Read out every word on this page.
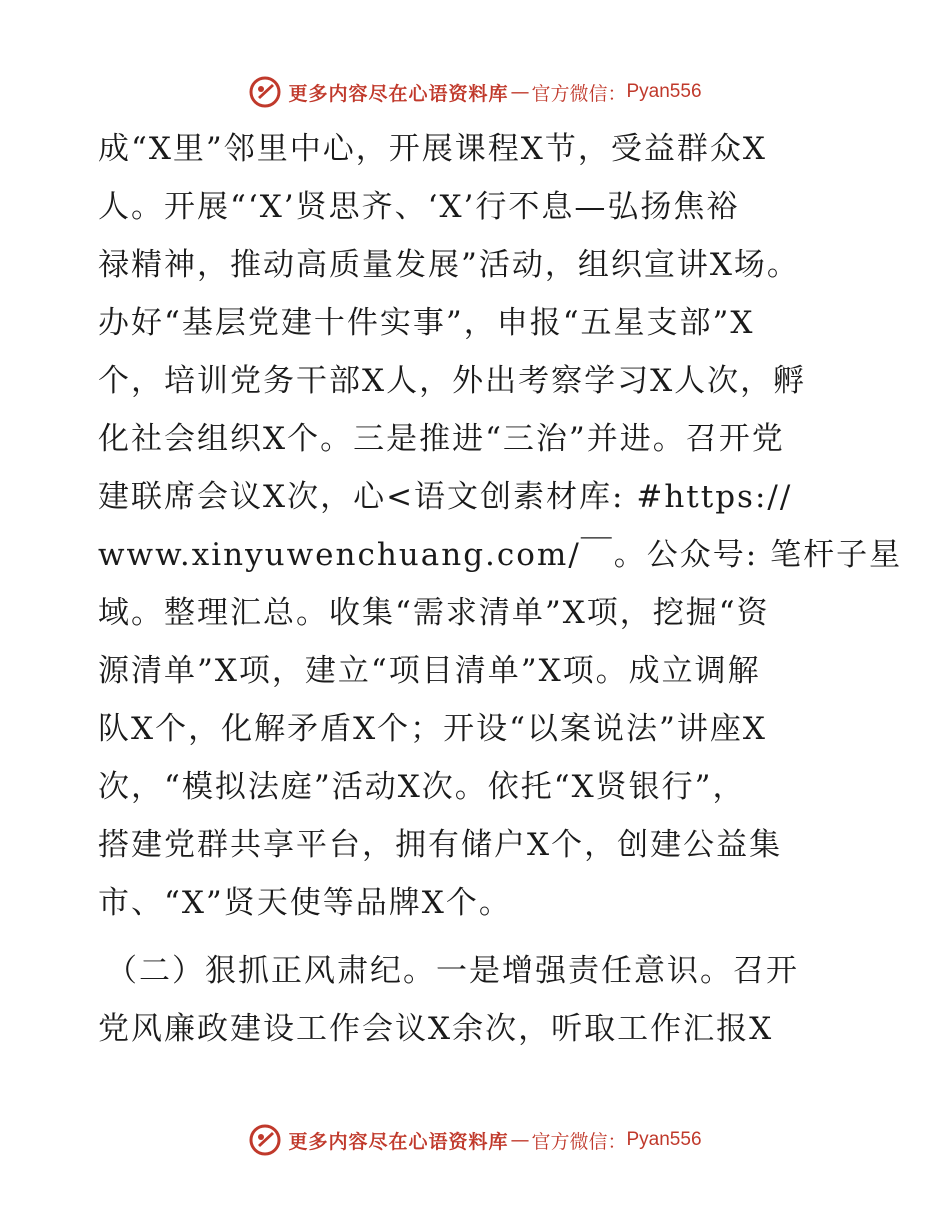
更多内容尽在心语资料库 — 官方微信： Pyan556
成“X里”邻里中心，开展课程X节，受益群众X
人。开展“‘X’贤思齐、‘X’行不息—弘扬焦裕
禄精神，推动高质量发展”活动，组织宣讲X场。
办好“基层党建十件实事”，申报“五星支部”X
个，培训党务干部X人，外出考察学习X人次，孵
化社会组织X个。三是推进“三治”并进。召开党
建联席会议X次，心<语文创素材库: #https://
www.xinyuwenchuang.com/￣。公众号: 笔杆子星
域。整理汇总。收集“需求清单”X项，挖掘“资
源清单”X项，建立“项目清单”X项。成立调解
队X个，化解矛盾X个；开设“以案说法”讲座X
次，“模拟法庭”活动X次。依托“X贤银行”，
搭建党群共享平台，拥有储户X个，创建公益集
市、“X”贤天使等品牌X个。
（二）狠抓正风肃纪。一是增强责任意识。召开
党风廉政建设工作会议X余次，听取工作汇报X
更多内容尽在心语资料库 — 官方微信： Pyan556
